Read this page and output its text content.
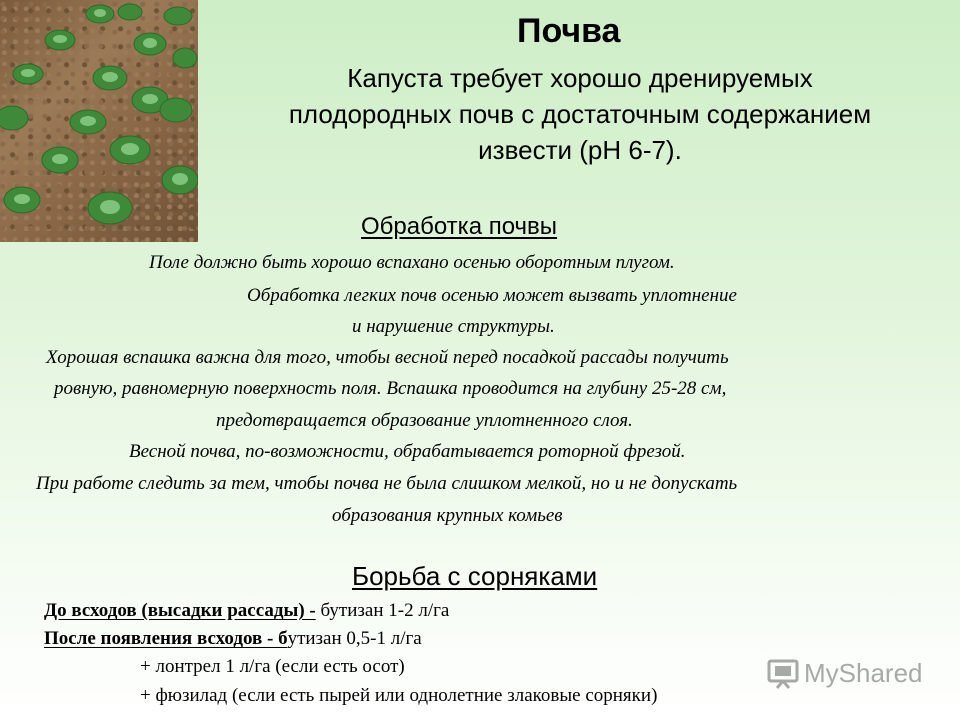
Почва
Капуста требует хорошо дренируемых
плодородных почв с достаточным содержанием
извести (pH 6-7).
Обработка почвы
Поле должно быть хорошо вспахано осенью оборотным плугом.
Обработка легких почв осенью может вызвать уплотнение
и нарушение структуры.
Хорошая вспашка важна для того, чтобы весной перед посадкой рассады получить
ровную, равномерную поверхность поля. Вспашка проводится на глубину 25-28 см,
предотвращается образование уплотненного слоя.
Весной почва, по-возможности, обрабатывается роторной фрезой.
При работе следить за тем, чтобы почва не была слишком мелкой, но и не допускать
образования крупных комьев
Борьба с сорняками
До всходов (высадки рассады) - бутизан 1-2 л/га
После появления всходов - бутизан 0,5-1 л/га
+ лонтрел 1 л/га (если есть осот)
+ фюзилад (если есть пырей или однолетние злаковые сорняки)
MyShared
